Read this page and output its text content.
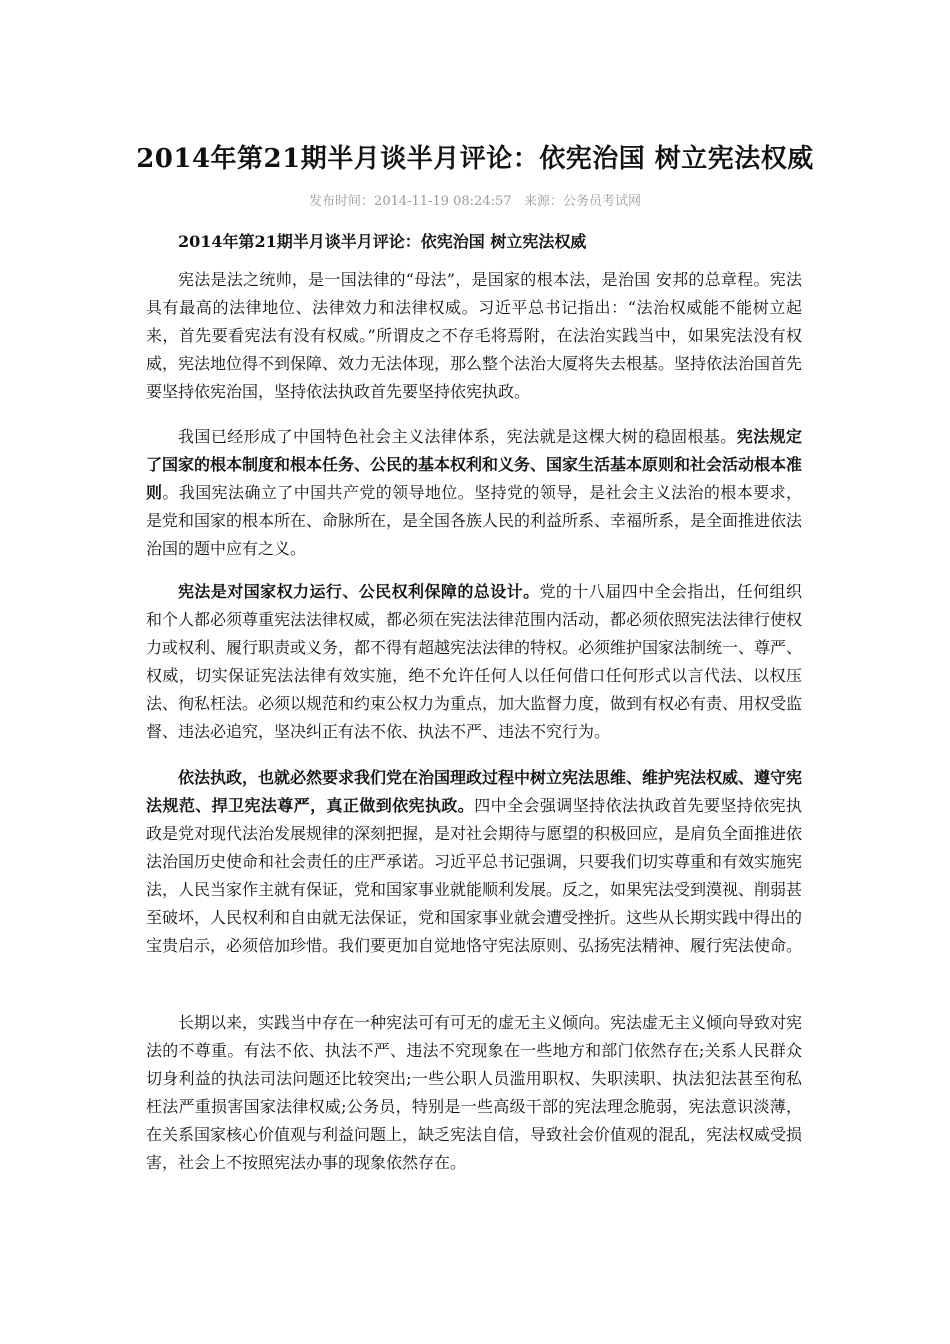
2014年第21期半月谈半月评论：依宪治国 树立宪法权威
发布时间：2014-11-19 08:24:57 来源：公务员考试网
2014年第21期半月谈半月评论：依宪治国 树立宪法权威

宪法是法之统帅，是一国法律的“母法”，是国家的根本法，是治国 安邦的总章程。宪法具有最高的法律地位、法律效力和法律权威。习近平总书记指出：“法治权威能不能树立起来，首先要看宪法有没有权威。”所谓皮之不存毛将焉附，在法治实践当中，如果宪法没有权威，宪法地位得不到保障、效力无法体现，那么整个法治大厦将失去根基。坚持依法治国首先要坚持依宪治国，坚持依法执政首先要坚持依宪执政。

我国已经形成了中国特色社会主义法律体系，宪法就是这棵大树的稳固根基。宪法规定了国家的根本制度和根本任务、公民的基本权利和义务、国家生活基本原则和社会活动根本准则。我国宪法确立了中国共产党的领导地位。坚持党的领导，是社会主义法治的根本要求，是党和国家的根本所在、命脉所在，是全国各族人民的利益所系、幸福所系，是全面推进依法治国的题中应有之义。

宪法是对国家权力运行、公民权利保障的总设计。党的十八届四中全会指出，任何组织和个人都必须尊重宪法法律权威，都必须在宪法法律范围内活动，都必须依照宪法法律行使权力或权利、履行职责或义务，都不得有超越宪法法律的特权。必须维护国家法制统一、尊严、权威，切实保证宪法法律有效实施，绝不允许任何人以任何借口任何形式以言代法、以权压法、徇私枉法。必须以规范和约束公权力为重点，加大监督力度，做到有权必有责、用权受监督、违法必追究，坚决纠正有法不依、执法不严、违法不究行为。

依法执政，也就必然要求我们党在治国理政过程中树立宪法思维、维护宪法权威、遵守宪法规范、捍卫宪法尊严，真正做到依宪执政。四中全会强调坚持依法执政首先要坚持依宪执政是党对现代法治发展规律的深刻把握，是对社会期待与愿望的积极回应，是肩负全面推进依法治国历史使命和社会责任的庄严承诺。习近平总书记强调，只要我们切实尊重和有效实施宪法，人民当家作主就有保证，党和国家事业就能顺利发展。反之，如果宪法受到漠视、削弱甚至破坏，人民权利和自由就无法保证，党和国家事业就会遭受挫折。这些从长期实践中得出的宝贵启示，必须倍加珍惜。我们要更加自觉地恪守宪法原则、弘扬宪法精神、履行宪法使命。

长期以来，实践当中存在一种宪法可有可无的虚无主义倾向。宪法虚无主义倾向导致对宪法的不尊重。有法不依、执法不严、违法不究现象在一些地方和部门依然存在;关系人民群众切身利益的执法司法问题还比较突出;一些公职人员滥用职权、失职渎职、执法犯法甚至徇私枉法严重损害国家法律权威;公务员，特别是一些高级干部的宪法理念脆弱，宪法意识淡薄，在关系国家核心价值观与利益问题上，缺乏宪法自信，导致社会价值观的混乱，宪法权威受损害，社会上不按照宪法办事的现象依然存在。
